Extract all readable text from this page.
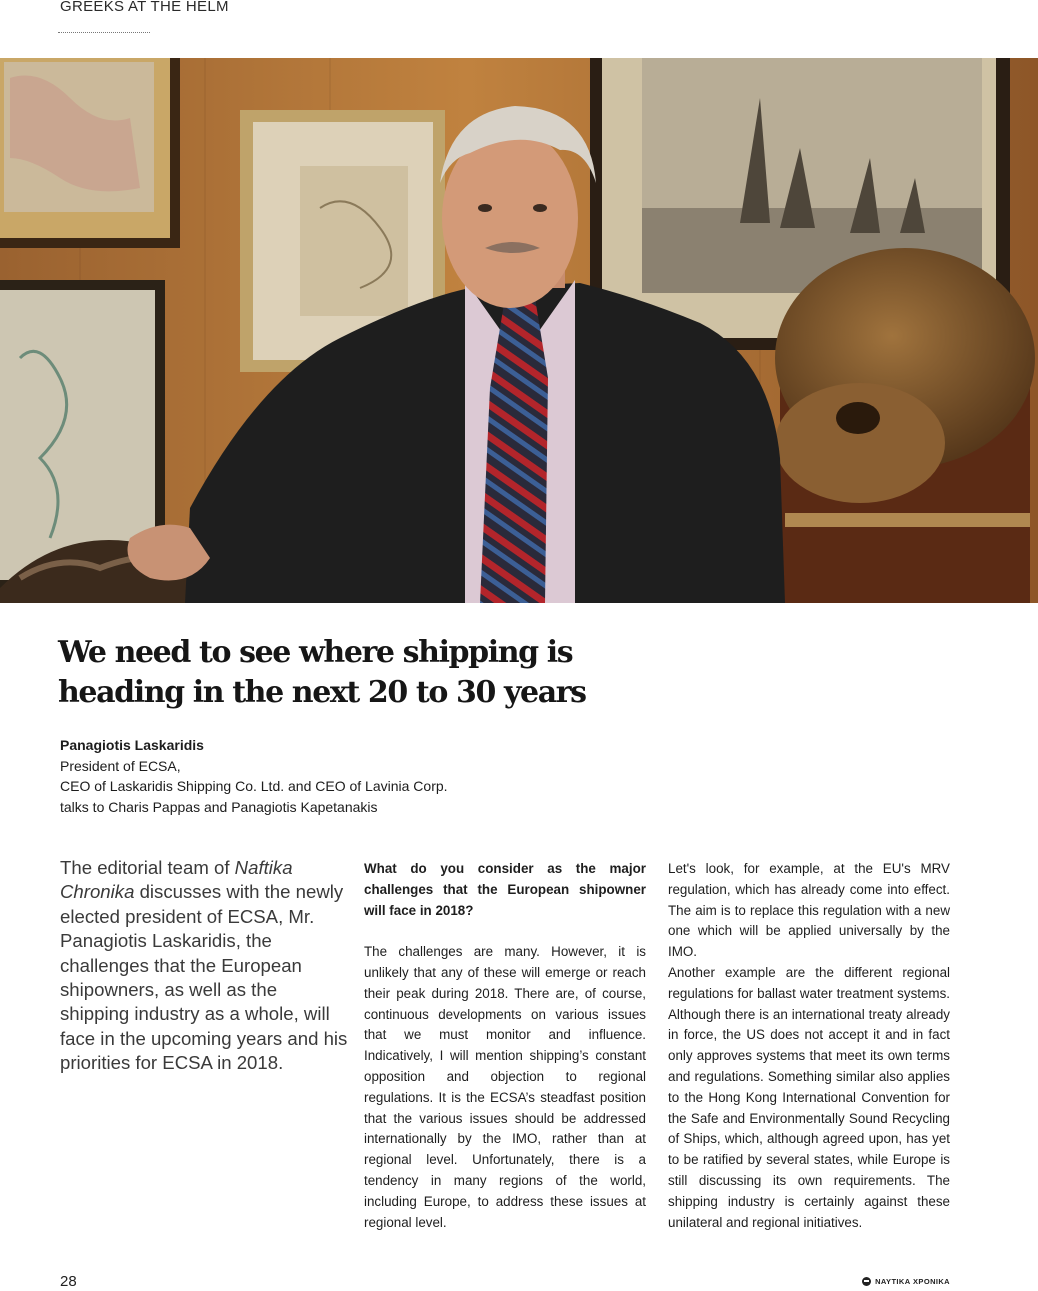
GREEKS AT THE HELM
We need to see where shipping is
heading in the next 20 to 30 years
Panagiotis Laskaridis
President of ECSA,
CEO of Laskaridis Shipping Co. Ltd. and CEO of Lavinia Corp.
talks to Charis Pappas and Panagiotis Kapetanakis

The editorial team of Naftika Chronika discusses with the newly elected president of ECSA, Mr. Panagiotis Laskaridis, the challenges that the European shipowners, as well as the shipping industry as a whole, will face in the upcoming years and his priorities for ECSA in 2018.

What do you consider as the major challenges that the European shipowner will face in 2018?

The challenges are many. However, it is unlikely that any of these will emerge or reach their peak during 2018. There are, of course, continuous developments on various issues that we must monitor and influence. Indicatively, I will mention shipping’s constant opposition and objection to regional regulations. It is the ECSA’s steadfast position that the various issues should be addressed internationally by the IMO, rather than at regional level. Unfortunately, there is a tendency in many regions of the world, including Europe, to address these issues at regional level.

Let's look, for example, at the EU's MRV regulation, which has already come into effect. The aim is to replace this regulation with a new one which will be applied universally by the IMO.

Another example are the different regional regulations for ballast water treatment systems. Although there is an international treaty already in force, the US does not accept it and in fact only approves systems that meet its own terms and regulations. Something similar also applies to the Hong Kong International Convention for the Safe and Environmentally Sound Recycling of Ships, which, although agreed upon, has yet to be ratified by several states, while Europe is still discussing its own requirements. The shipping industry is certainly against these unilateral and regional initiatives.

28	ΝΑΥΤΙΚΑ ΧΡΟΝΙΚΑ
